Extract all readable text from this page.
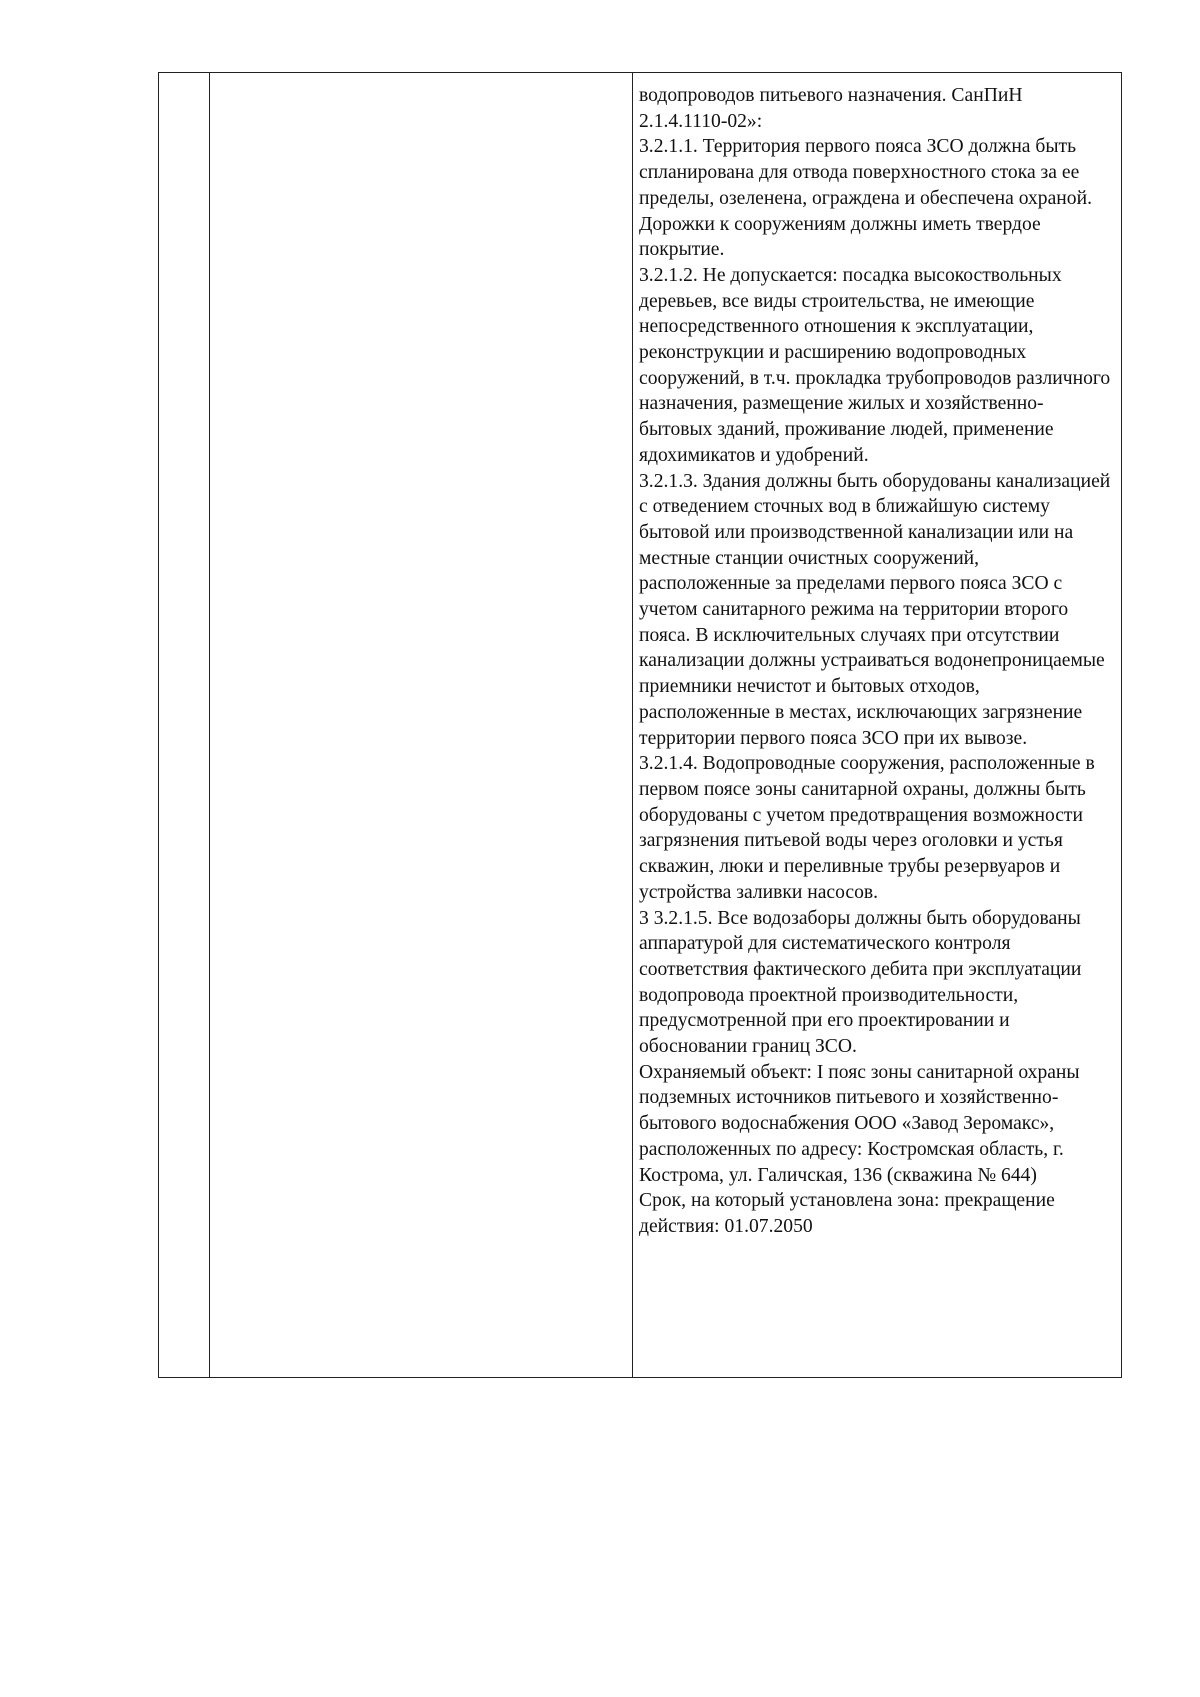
водопроводов питьевого назначения. СанПиН 2.1.4.1110-02»:

3.2.1.1. Территория первого пояса ЗСО должна быть спланирована для отвода поверхностного стока за ее пределы, озеленена, ограждена и обеспечена охраной. Дорожки к сооружениям должны иметь твердое покрытие.

3.2.1.2. Не допускается: посадка высокоствольных деревьев, все виды строительства, не имеющие непосредственного отношения к эксплуатации, реконструкции и расширению водопроводных сооружений, в т.ч. прокладка трубопроводов различного назначения, размещение жилых и хозяйственно-бытовых зданий, проживание людей, применение ядохимикатов и удобрений.

3.2.1.3. Здания должны быть оборудованы канализацией с отведением сточных вод в ближайшую систему бытовой или производственной канализации или на местные станции очистных сооружений, расположенные за пределами первого пояса ЗСО с учетом санитарного режима на территории второго пояса. В исключительных случаях при отсутствии канализации должны устраиваться водонепроницаемые приемники нечистот и бытовых отходов, расположенные в местах, исключающих загрязнение территории первого пояса ЗСО при их вывозе.

3.2.1.4. Водопроводные сооружения, расположенные в первом поясе зоны санитарной охраны, должны быть оборудованы с учетом предотвращения возможности загрязнения питьевой воды через оголовки и устья скважин, люки и переливные трубы резервуаров и устройства заливки насосов.

3 3.2.1.5. Все водозаборы должны быть оборудованы аппаратурой для систематического контроля соответствия фактического дебита при эксплуатации водопровода проектной производительности, предусмотренной при его проектировании и обосновании границ ЗСО.

Охраняемый объект: I пояс зоны санитарной охраны подземных источников питьевого и хозяйственно-бытового водоснабжения ООО «Завод Зеромакс», расположенных по адресу: Костромская область, г. Кострома, ул. Галичская, 136 (скважина № 644)

Срок, на который установлена зона: прекращение действия: 01.07.2050
